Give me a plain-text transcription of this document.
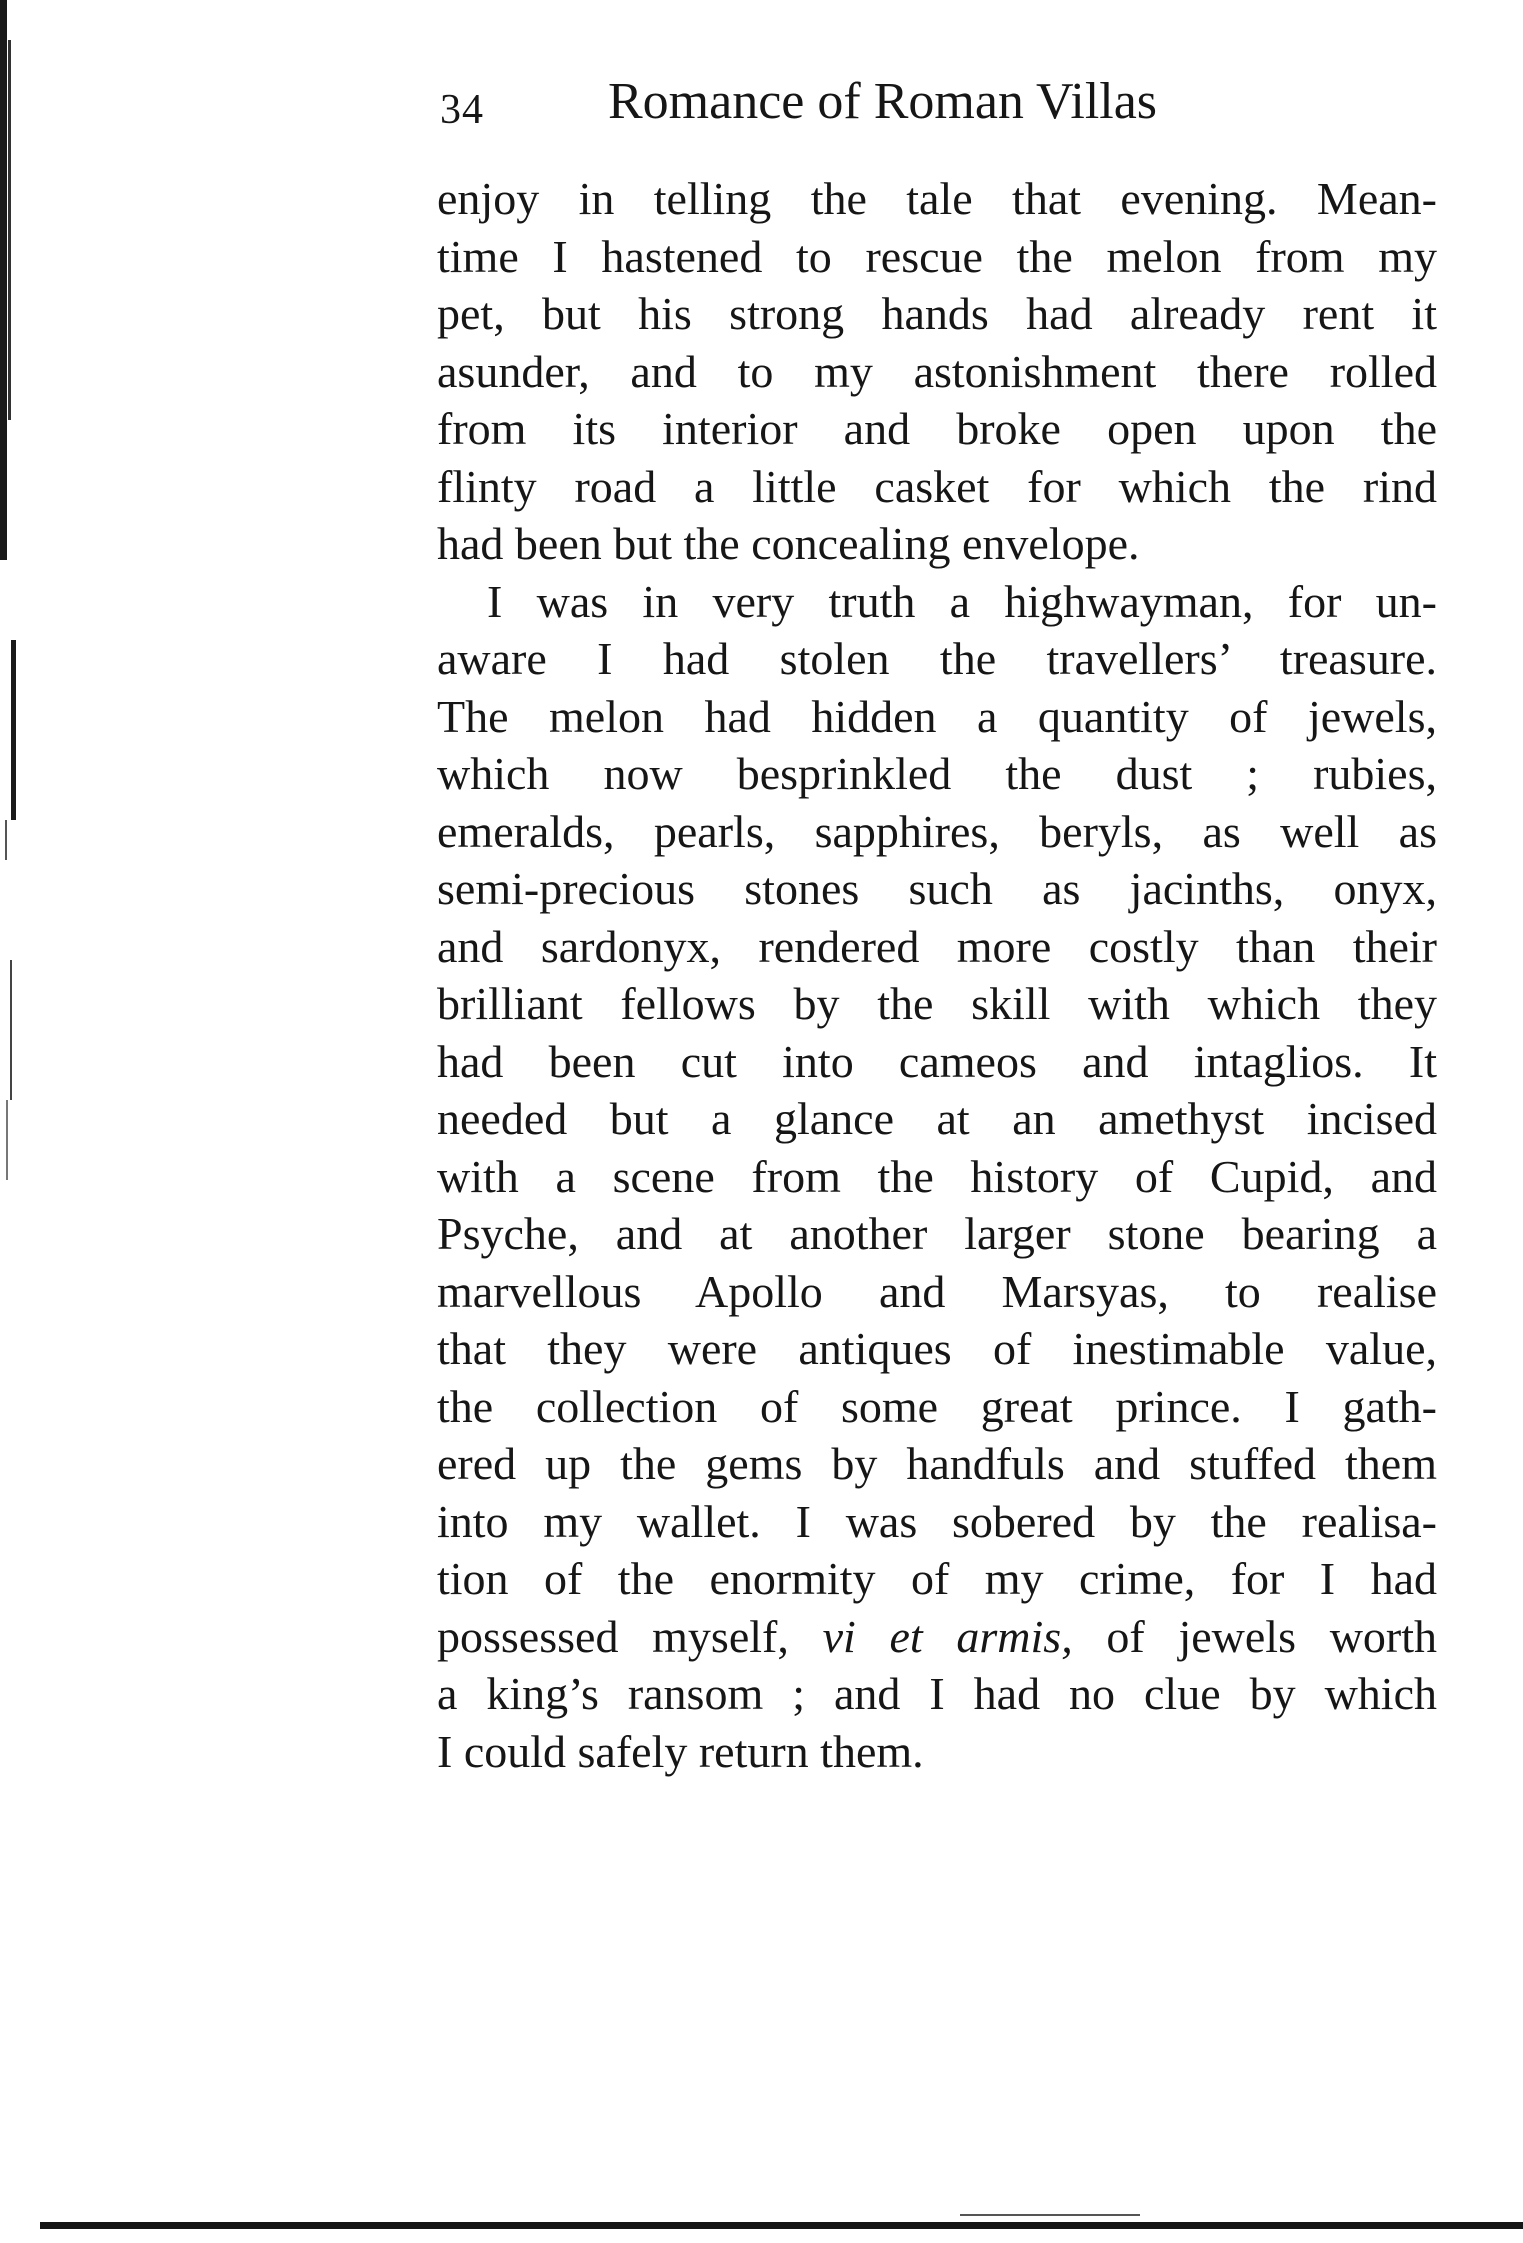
34 Romance of Roman Villas
enjoy in telling the tale that evening. Mean-
time I hastened to rescue the melon from my
pet, but his strong hands had already rent it
asunder, and to my astonishment there rolled
from its interior and broke open upon the
flinty road a little casket for which the rind
had been but the concealing envelope.
I was in very truth a highwayman, for un-
aware I had stolen the travellers’ treasure.
The melon had hidden a quantity of jewels,
which now besprinkled the dust ; rubies,
emeralds, pearls, sapphires, beryls, as well as
semi-precious stones such as jacinths, onyx,
and sardonyx, rendered more costly than their
brilliant fellows by the skill with which they
had been cut into cameos and intaglios. It
needed but a glance at an amethyst incised
with a scene from the history of Cupid, and
Psyche, and at another larger stone bearing a
marvellous Apollo and Marsyas, to realise
that they were antiques of inestimable value,
the collection of some great prince. I gath-
ered up the gems by handfuls and stuffed them
into my wallet. I was sobered by the realisa-
tion of the enormity of my crime, for I had
possessed myself, vi et armis, of jewels worth
a king’s ransom ; and I had no clue by which
I could safely return them.
